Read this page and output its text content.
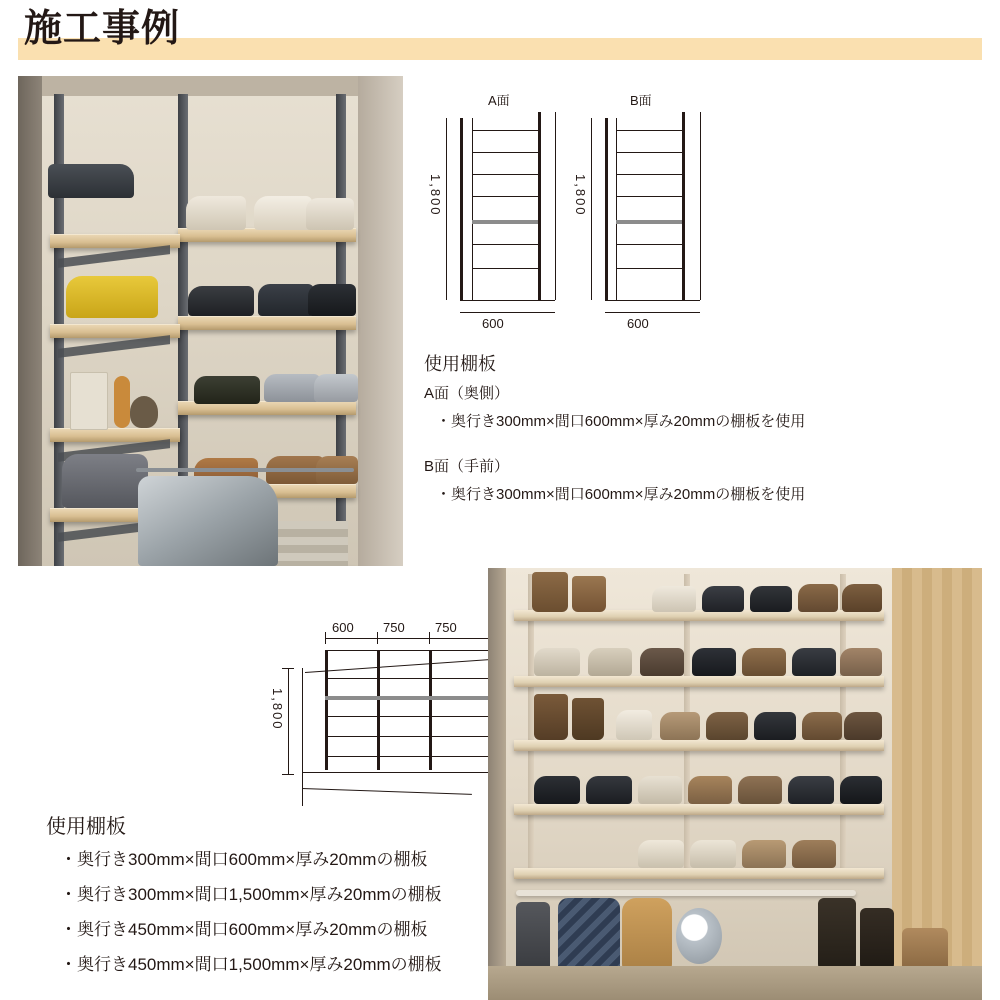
施工事例
A面
1,800
600
B面
1,800
600
使用棚板
A面（奥側）
・奥行き300mm×間口600mm×厚み20mmの棚板を使用
B面（手前）
・奥行き300mm×間口600mm×厚み20mmの棚板を使用
600 750 750
1,800
使用棚板
・奥行き300mm×間口600mm×厚み20mmの棚板
・奥行き300mm×間口1,500mm×厚み20mmの棚板
・奥行き450mm×間口600mm×厚み20mmの棚板
・奥行き450mm×間口1,500mm×厚み20mmの棚板
